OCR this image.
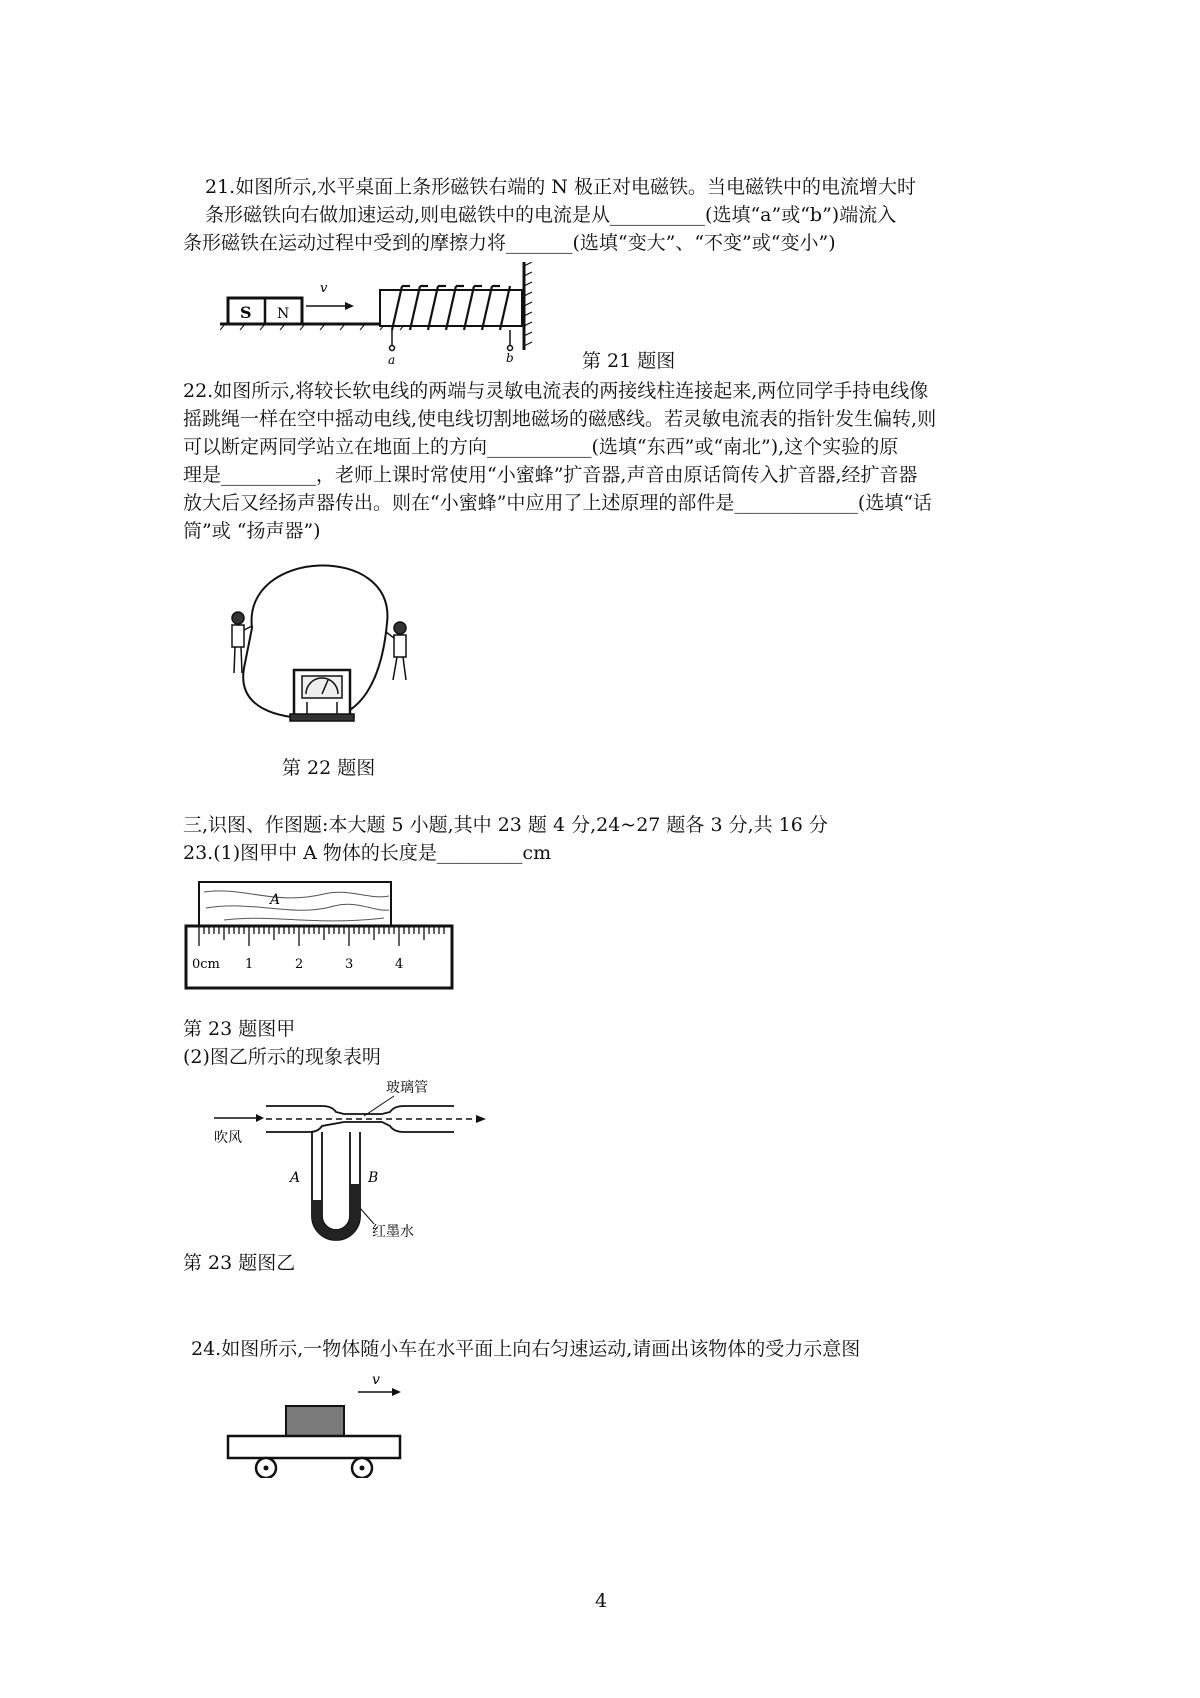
21.如图所示,水平桌面上条形磁铁右端的 N 极正对电磁铁。当电磁铁中的电流增大时
条形磁铁向右做加速运动,则电磁铁中的电流是从__________(选填“a”或“b”)端流入
条形磁铁在运动过程中受到的摩擦力将_______(选填“变大”、“不变”或“变小”)
S N
v
a	b	第 21 题图
22.如图所示,将较长软电线的两端与灵敏电流表的两接线柱连接起来,两位同学手持电线像
摇跳绳一样在空中摇动电线,使电线切割地磁场的磁感线。若灵敏电流表的指针发生偏转,则
可以断定两同学站立在地面上的方向___________(选填“东西”或“南北”),这个实验的原
理是__________，老师上课时常使用“小蜜蜂”扩音器,声音由原话筒传入扩音器,经扩音器
放大后又经扬声器传出。则在“小蜜蜂”中应用了上述原理的部件是_____________(选填“话
筒”或 “扬声器”)
第 22 题图
三,识图、作图题:本大题 5 小题,其中 23 题 4 分,24~27 题各 3 分,共 16 分
23.(1)图甲中 A 物体的长度是_________cm
A
0cm 1	2	3	4
第 23 题图甲
(2)图乙所示的现象表明
吹风
玻璃管
A	B
红墨水
第 23 题图乙
24.如图所示,一物体随小车在水平面上向右匀速运动,请画出该物体的受力示意图
v
4
